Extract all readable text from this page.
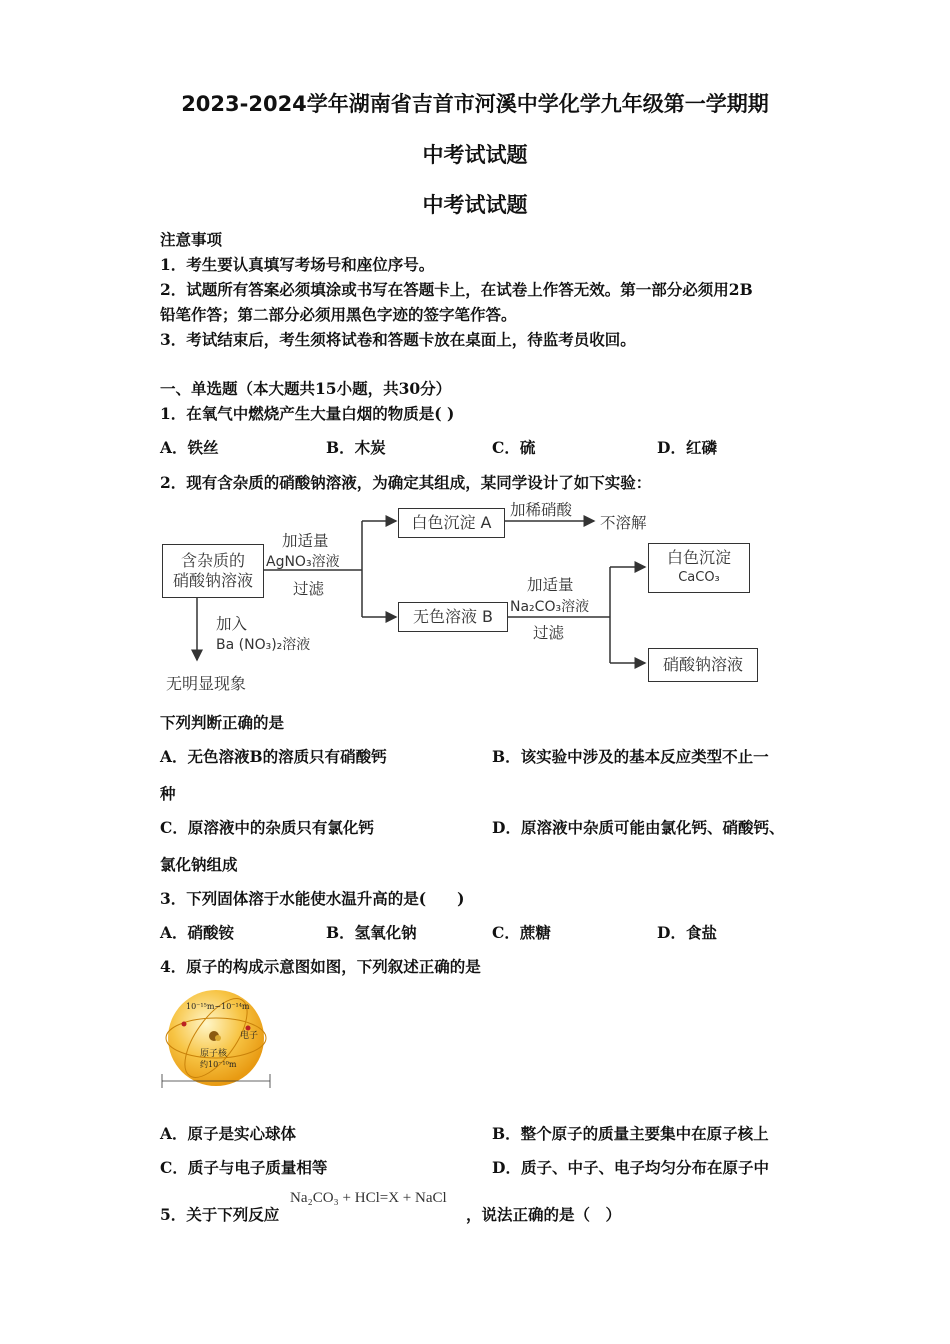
2023-2024学年湖南省吉首市河溪中学化学九年级第一学期期
中考试试题
中考试试题
注意事项
1．考生要认真填写考场号和座位序号。
2．试题所有答案必须填涂或书写在答题卡上，在试卷上作答无效。第一部分必须用2B
铅笔作答；第二部分必须用黑色字迹的签字笔作答。
3．考试结束后，考生须将试卷和答题卡放在桌面上，待监考员收回。
一、单选题（本大题共15小题，共30分）
1．在氧气中燃烧产生大量白烟的物质是( )
A．铁丝	B．木炭	C．硫	D．红磷
2．现有含杂质的硝酸钠溶液，为确定其组成，某同学设计了如下实验：
含杂质的
硝酸钠溶液
加适量
AgNO₃溶液
过滤
白色沉淀 A
加稀硝酸
不溶解
无色溶液 B
加适量
Na₂CO₃溶液
过滤
白色沉淀
CaCO₃
硝酸钠溶液
加入
Ba (NO₃)₂溶液
无明显现象
下列判断正确的是
A．无色溶液B的溶质只有硝酸钙	B．该实验中涉及的基本反应类型不止一
种
C．原溶液中的杂质只有氯化钙	D．原溶液中杂质可能由氯化钙、硝酸钙、
氯化钠组成
3．下列固体溶于水能使水温升高的是(　　)
A．硝酸铵	B．氢氧化钠	C．蔗糖	D．食盐
4．原子的构成示意图如图，下列叙述正确的是
10⁻¹⁵m~10⁻¹⁴m
电子
原子核
约10⁻¹⁰m
A．原子是实心球体	B．整个原子的质量主要集中在原子核上
C．质子与电子质量相等	D．质子、中子、电子均匀分布在原子中
5．关于下列反应
Na₂CO₃ + HCl=X + NaCl
，说法正确的是（　）
